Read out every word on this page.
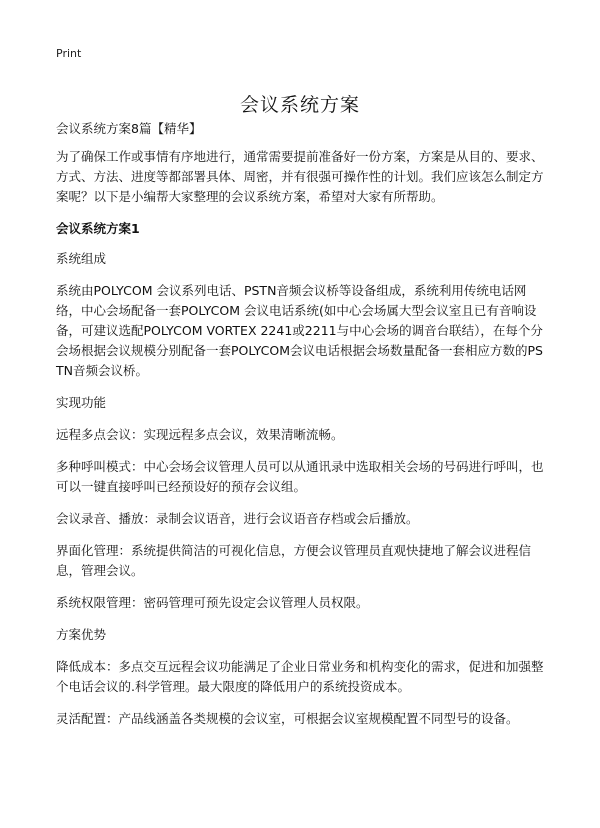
Print
会议系统方案

会议系统方案8篇【精华】

为了确保工作或事情有序地进行，通常需要提前准备好一份方案，方案是从目的、要求、方式、方法、进度等都部署具体、周密，并有很强可操作性的计划。我们应该怎么制定方案呢？以下是小编帮大家整理的会议系统方案，希望对大家有所帮助。

会议系统方案1

系统组成

系统由POLYCOM 会议系列电话、PSTN音频会议桥等设备组成，系统利用传统电话网络，中心会场配备一套POLYCOM 会议电话系统(如中心会场属大型会议室且已有音响设备，可建议选配POLYCOM VORTEX 2241或2211与中心会场的调音台联结），在每个分会场根据会议规模分别配备一套POLYCOM会议电话根据会场数量配备一套相应方数的PSTN音频会议桥。

实现功能

远程多点会议：实现远程多点会议，效果清晰流畅。

多种呼叫模式：中心会场会议管理人员可以从通讯录中选取相关会场的号码进行呼叫，也可以一键直接呼叫已经预设好的预存会议组。

会议录音、播放：录制会议语音，进行会议语音存档或会后播放。

界面化管理：系统提供简洁的可视化信息，方便会议管理员直观快捷地了解会议进程信息，管理会议。

系统权限管理：密码管理可预先设定会议管理人员权限。

方案优势

降低成本：多点交互远程会议功能满足了企业日常业务和机构变化的需求，促进和加强整个电话会议的.科学管理。最大限度的降低用户的系统投资成本。

灵活配置：产品线涵盖各类规模的会议室，可根据会议室规模配置不同型号的设备。
